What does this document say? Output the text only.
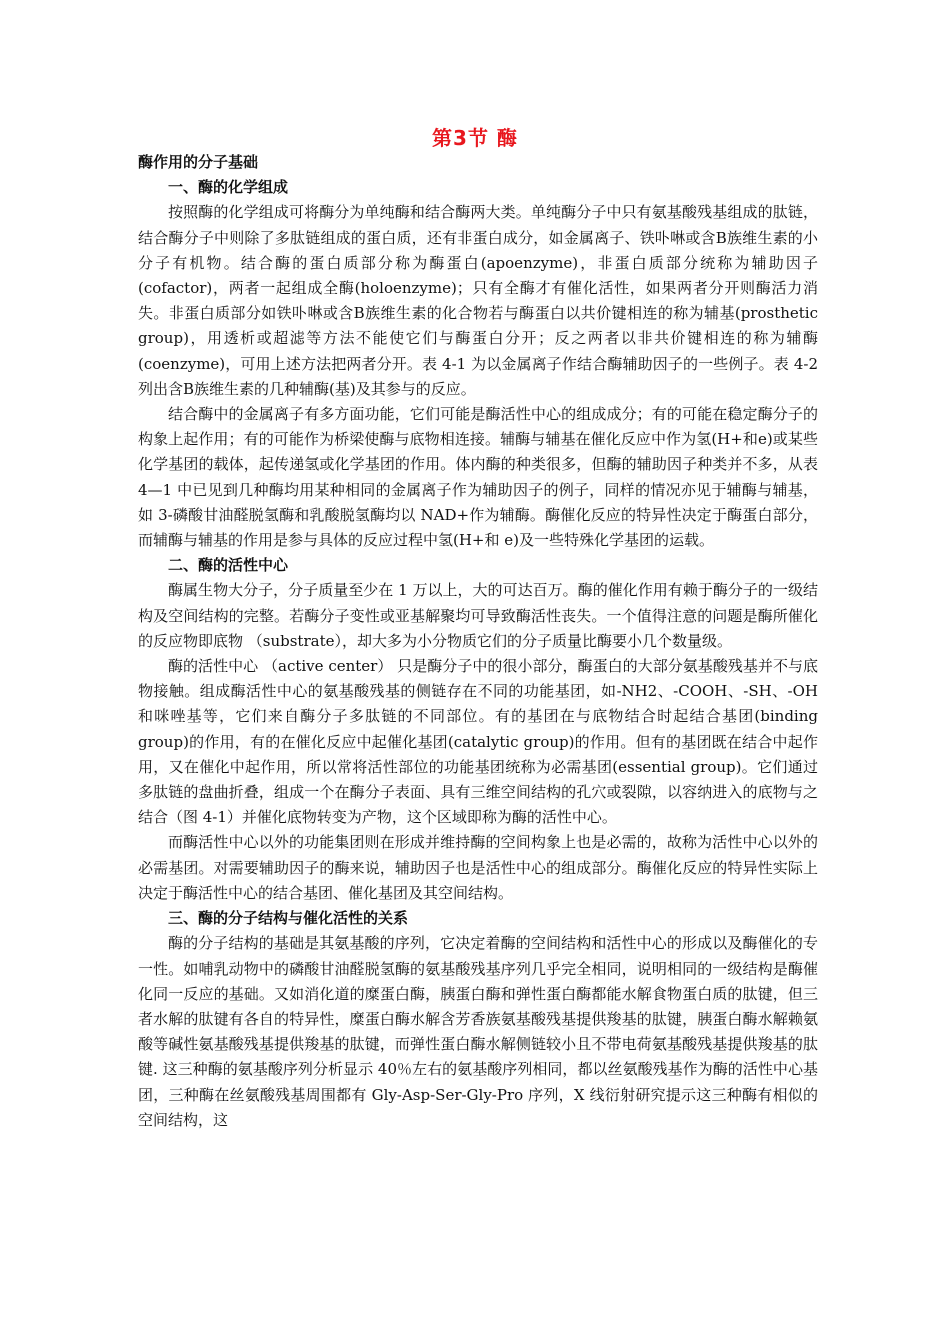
第3节 酶

酶作用的分子基础

一、酶的化学组成

按照酶的化学组成可将酶分为单纯酶和结合酶两大类。单纯酶分子中只有氨基酸残基组成的肽链，结合酶分子中则除了多肽链组成的蛋白质，还有非蛋白成分，如金属离子、铁卟啉或含B族维生素的小分子有机物。结合酶的蛋白质部分称为酶蛋白(apoenzyme)，非蛋白质部分统称为辅助因子 (cofactor)，两者一起组成全酶(holoenzyme)；只有全酶才有催化活性，如果两者分开则酶活力消失。非蛋白质部分如铁卟啉或含B族维生素的化合物若与酶蛋白以共价键相连的称为辅基(prosthetic group)，用透析或超滤等方法不能使它们与酶蛋白分开；反之两者以非共价键相连的称为辅酶(coenzyme)，可用上述方法把两者分开。表 4-1 为以金属离子作结合酶辅助因子的一些例子。表 4-2 列出含B族维生素的几种辅酶(基)及其参与的反应。

结合酶中的金属离子有多方面功能，它们可能是酶活性中心的组成成分；有的可能在稳定酶分子的构象上起作用；有的可能作为桥梁使酶与底物相连接。辅酶与辅基在催化反应中作为氢(H+和e)或某些化学基团的载体，起传递氢或化学基团的作用。体内酶的种类很多，但酶的辅助因子种类并不多，从表 4—1 中已见到几种酶均用某种相同的金属离子作为辅助因子的例子，同样的情况亦见于辅酶与辅基，如 3-磷酸甘油醛脱氢酶和乳酸脱氢酶均以 NAD+作为辅酶。酶催化反应的特异性决定于酶蛋白部分，而辅酶与辅基的作用是参与具体的反应过程中氢(H+和 e)及一些特殊化学基团的运载。

二、酶的活性中心

酶属生物大分子，分子质量至少在 1 万以上，大的可达百万。酶的催化作用有赖于酶分子的一级结构及空间结构的完整。若酶分子变性或亚基解聚均可导致酶活性丧失。一个值得注意的问题是酶所催化的反应物即底物 （substrate），却大多为小分物质它们的分子质量比酶要小几个数量级。

酶的活性中心 （active center） 只是酶分子中的很小部分，酶蛋白的大部分氨基酸残基并不与底物接触。组成酶活性中心的氨基酸残基的侧链存在不同的功能基团，如-NH2、-COOH、-SH、-OH 和咪唑基等，它们来自酶分子多肽链的不同部位。有的基团在与底物结合时起结合基团(binding group)的作用，有的在催化反应中起催化基团(catalytic group)的作用。但有的基团既在结合中起作用，又在催化中起作用，所以常将活性部位的功能基团统称为必需基团(essential group)。它们通过多肽链的盘曲折叠，组成一个在酶分子表面、具有三维空间结构的孔穴或裂隙，以容纳进入的底物与之结合（图 4-1）并催化底物转变为产物，这个区域即称为酶的活性中心。

而酶活性中心以外的功能集团则在形成并维持酶的空间构象上也是必需的，故称为活性中心以外的必需基团。对需要辅助因子的酶来说，辅助因子也是活性中心的组成部分。酶催化反应的特异性实际上决定于酶活性中心的结合基团、催化基团及其空间结构。

三、酶的分子结构与催化活性的关系

酶的分子结构的基础是其氨基酸的序列，它决定着酶的空间结构和活性中心的形成以及酶催化的专一性。如哺乳动物中的磷酸甘油醛脱氢酶的氨基酸残基序列几乎完全相同，说明相同的一级结构是酶催化同一反应的基础。又如消化道的糜蛋白酶，胰蛋白酶和弹性蛋白酶都能水解食物蛋白质的肽键，但三者水解的肽键有各自的特异性，糜蛋白酶水解含芳香族氨基酸残基提供羧基的肽键，胰蛋白酶水解赖氨酸等碱性氨基酸残基提供羧基的肽键，而弹性蛋白酶水解侧链较小且不带电荷氨基酸残基提供羧基的肽键. 这三种酶的氨基酸序列分析显示 40％左右的氨基酸序列相同，都以丝氨酸残基作为酶的活性中心基团，三种酶在丝氨酸残基周围都有 Gly-Asp-Ser-Gly-Pro 序列，X 线衍射研究提示这三种酶有相似的空间结构，这
